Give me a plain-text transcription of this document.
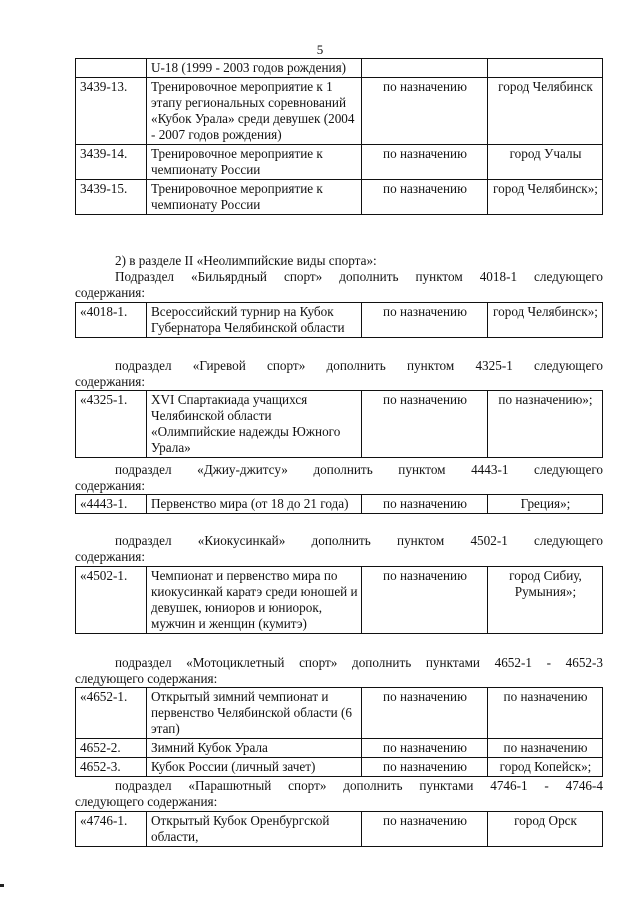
5
	U-18 (1999 - 2003 годов рождения)		
3439-13.	Тренировочное мероприятие к 1 этапу региональных соревнований «Кубок Урала» среди девушек (2004 - 2007 годов рождения)	по назначению	город Челябинск
3439-14.	Тренировочное мероприятие к чемпионату России	по назначению	город Учалы
3439-15.	Тренировочное мероприятие к чемпионату России	по назначению	город Челябинск»;
2) в разделе II «Неолимпийские виды спорта»:
Подраздел «Бильярдный спорт» дополнить пунктом 4018-1 следующего
содержания:
«4018-1.	Всероссийский турнир на Кубок Губернатора Челябинской области	по назначению	город Челябинск»;
подраздел «Гиревой спорт» дополнить пунктом 4325-1 следующего
содержания:
«4325-1.	XVI Спартакиада учащихся Челябинской области «Олимпийские надежды Южного Урала»	по назначению	по назначению»;
подраздел «Джиу-джитсу» дополнить пунктом 4443-1 следующего
содержания:
«4443-1.	Первенство мира (от 18 до 21 года)	по назначению	Греция»;
подраздел «Киокусинкай» дополнить пунктом 4502-1 следующего
содержания:
«4502-1.	Чемпионат и первенство мира по киокусинкай каратэ среди юношей и девушек, юниоров и юниорок, мужчин и женщин (кумитэ)	по назначению	город Сибиу, Румыния»;
подраздел «Мотоциклетный спорт» дополнить пунктами 4652-1 - 4652-3
следующего содержания:
«4652-1.	Открытый зимний чемпионат и первенство Челябинской области (6 этап)	по назначению	по назначению
4652-2.	Зимний Кубок Урала	по назначению	по назначению
4652-3.	Кубок России (личный зачет)	по назначению	город Копейск»;
подраздел «Парашютный спорт» дополнить пунктами 4746-1 - 4746-4
следующего содержания:
«4746-1.	Открытый Кубок Оренбургской области,	по назначению	город Орск
